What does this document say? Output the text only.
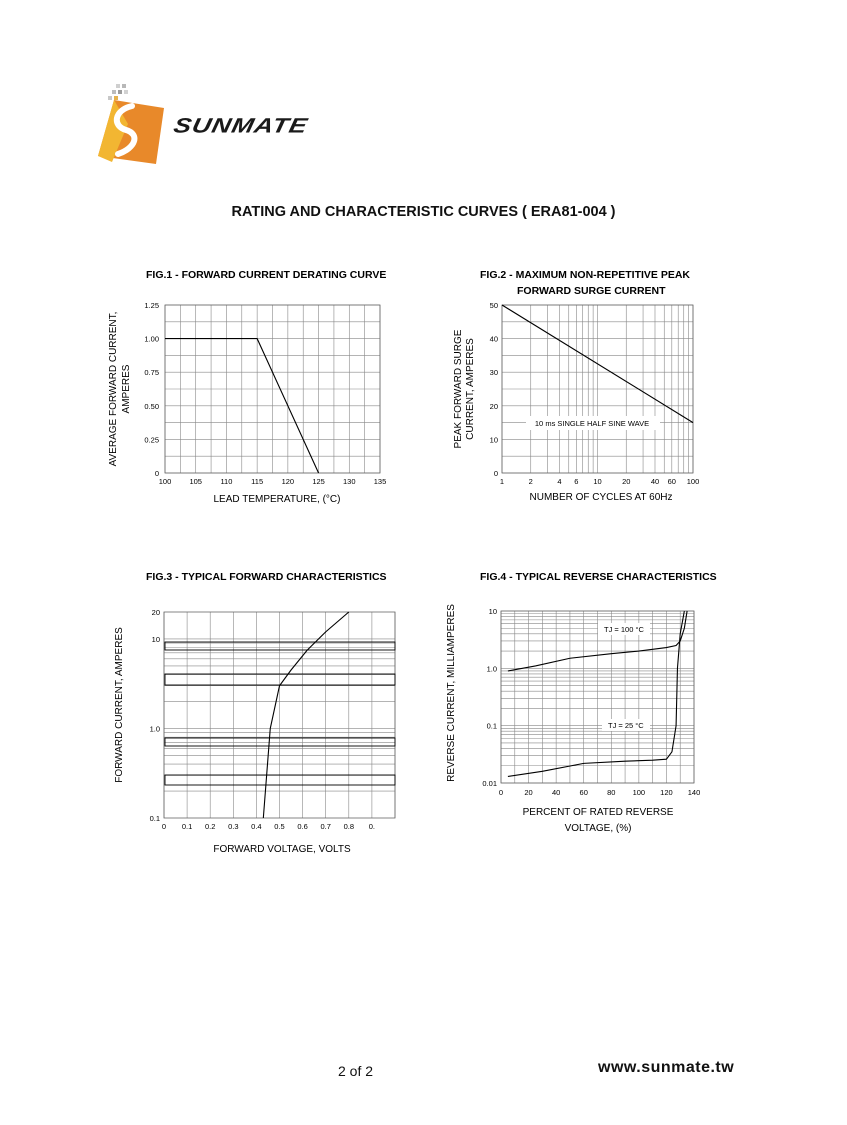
SUNMATE
RATING AND CHARACTERISTIC CURVES ( ERA81-004 )
FIG.1 - FORWARD CURRENT DERATING CURVE
1.25
1.00
0.75
0.50
0.25
0
100 105 110 115 120 125 130 135
LEAD TEMPERATURE, (°C)
AVERAGE FORWARD CURRENT, AMPERES
FIG.2 - MAXIMUM NON-REPETITIVE PEAK
FORWARD SURGE CURRENT
50
40
30
20
10
0
1	2	4 6 10	20	40 60 100
10 ms SINGLE HALF SINE WAVE
NUMBER OF CYCLES AT 60Hz
PEAK FORWARD SURGE CURRENT, AMPERES
FIG.3 - TYPICAL FORWARD CHARACTERISTICS
20
10
1.0
0.1
0 0.1 0.2 0.3 0.4 0.5 0.6 0.7 0.8 0.
FORWARD VOLTAGE, VOLTS
FORWARD CURRENT, AMPERES
FIG.4 - TYPICAL REVERSE CHARACTERISTICS
10
1.0
0.1
0.01
0	20	40	60	80 100 120 140
TJ = 100 °C
TJ = 25 °C
PERCENT OF RATED REVERSE
VOLTAGE, (%)
REVERSE CURRENT, MILLIAMPERES
2 of 2	www.sunmate.tw
